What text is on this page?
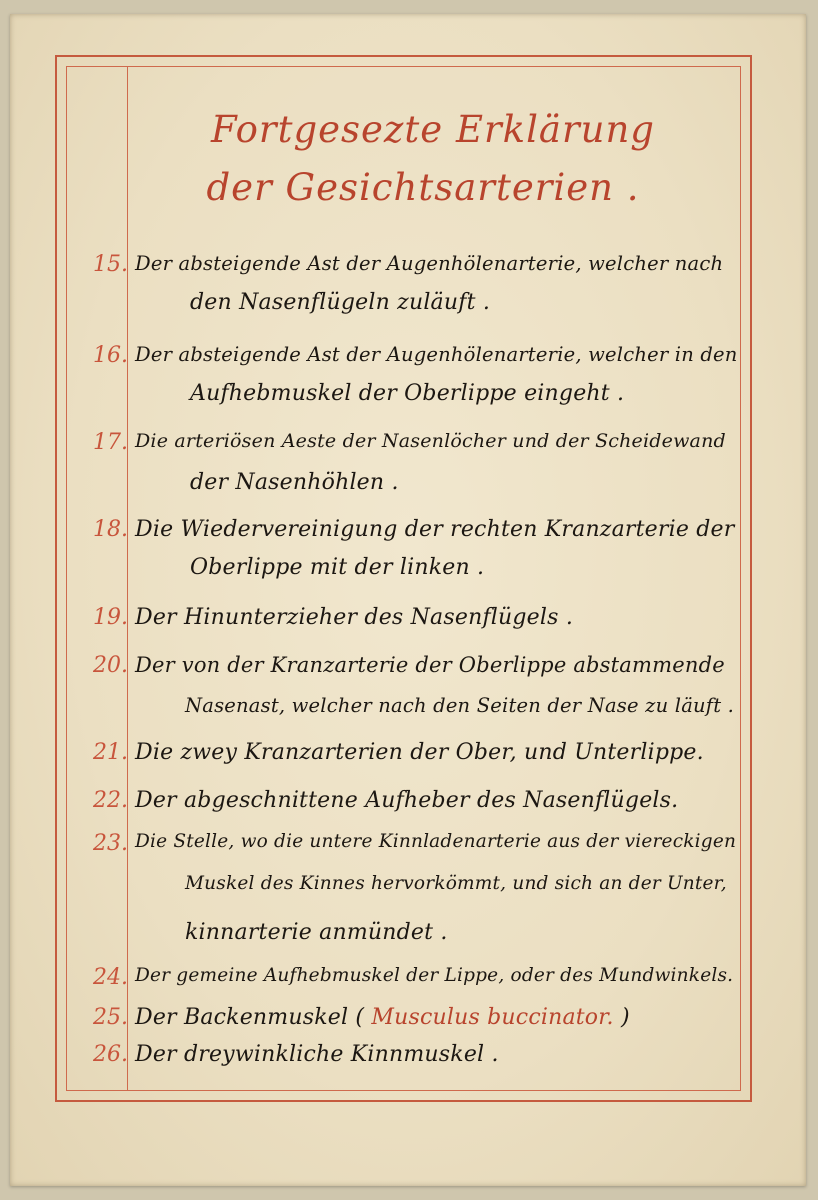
Fortgesezte Erklärung
der Gesichtsarterien .
15. Der absteigende Ast der Augenhölenarterie, welcher nach
den Nasenflügeln zuläuft .
16. Der absteigende Ast der Augenhölenarterie, welcher in den
Aufhebmuskel der Oberlippe eingeht .
17. Die arteriösen Aeste der Nasenlöcher und der Scheidewand
der Nasenhöhlen .
18. Die Wiedervereinigung der rechten Kranzarterie der
Oberlippe mit der linken .
19. Der Hinunterzieher des Nasenflügels .
20. Der von der Kranzarterie der Oberlippe abstammende
Nasenast, welcher nach den Seiten der Nase zu läuft .
21. Die zwey Kranzarterien der Ober, und Unterlippe.
22. Der abgeschnittene Aufheber des Nasenflügels.
23. Die Stelle, wo die untere Kinnladenarterie aus der viereckigen
Muskel des Kinnes hervorkömmt, und sich an der Unter,
kinnarterie anmündet .
24. Der gemeine Aufhebmuskel der Lippe, oder des Mundwinkels.
25. Der Backenmuskel ( Musculus buccinator. )
26. Der dreywinkliche Kinnmuskel .
